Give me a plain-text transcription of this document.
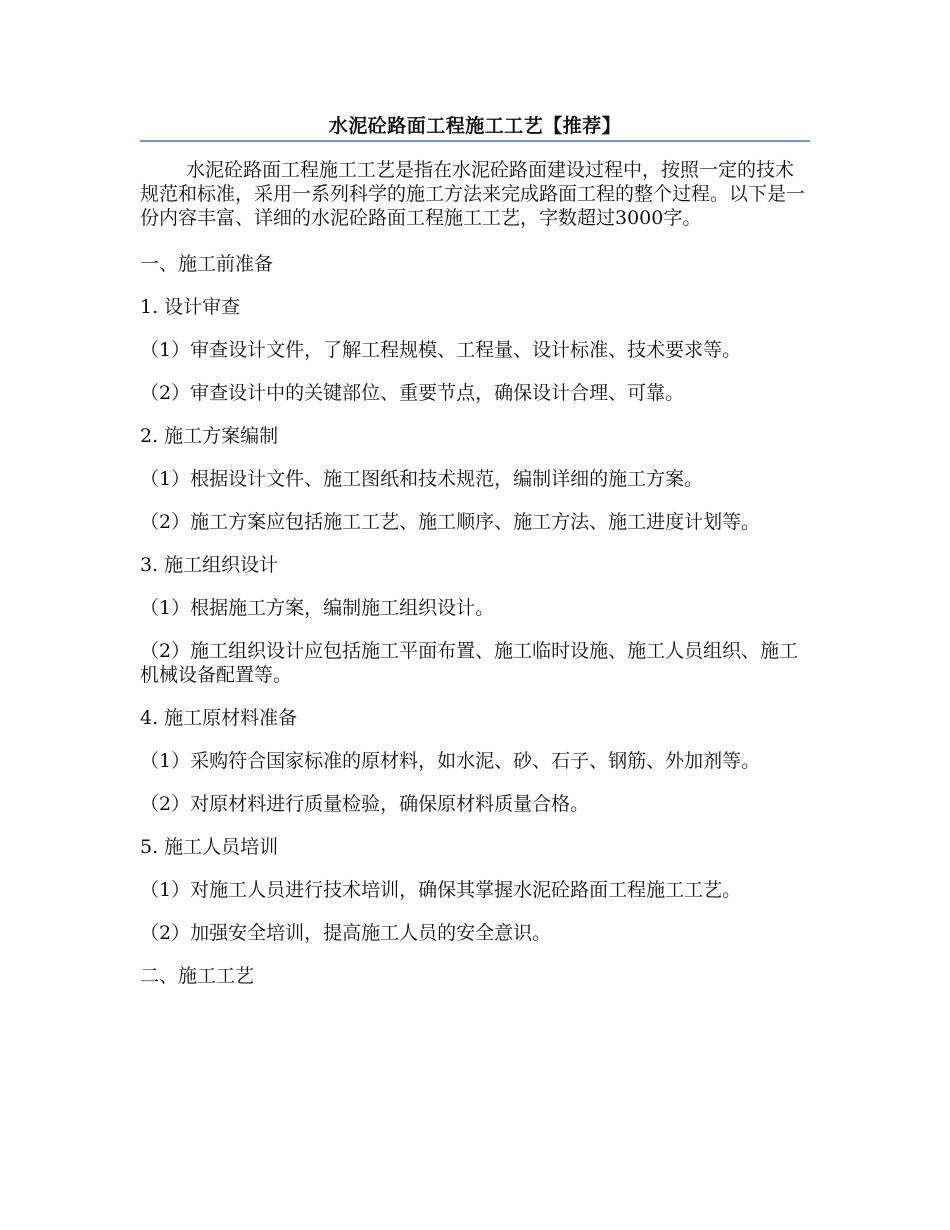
水泥砼路面工程施工工艺【推荐】

水泥砼路面工程施工工艺是指在水泥砼路面建设过程中，按照一定的技术规范和标准，采用一系列科学的施工方法来完成路面工程的整个过程。以下是一份内容丰富、详细的水泥砼路面工程施工工艺，字数超过3000字。

一、施工前准备

1. 设计审查

（1）审查设计文件，了解工程规模、工程量、设计标准、技术要求等。

（2）审查设计中的关键部位、重要节点，确保设计合理、可靠。

2. 施工方案编制

（1）根据设计文件、施工图纸和技术规范，编制详细的施工方案。

（2）施工方案应包括施工工艺、施工顺序、施工方法、施工进度计划等。

3. 施工组织设计

（1）根据施工方案，编制施工组织设计。

（2）施工组织设计应包括施工平面布置、施工临时设施、施工人员组织、施工机械设备配置等。

4. 施工原材料准备

（1）采购符合国家标准的原材料，如水泥、砂、石子、钢筋、外加剂等。

（2）对原材料进行质量检验，确保原材料质量合格。

5. 施工人员培训

（1）对施工人员进行技术培训，确保其掌握水泥砼路面工程施工工艺。

（2）加强安全培训，提高施工人员的安全意识。

二、施工工艺
